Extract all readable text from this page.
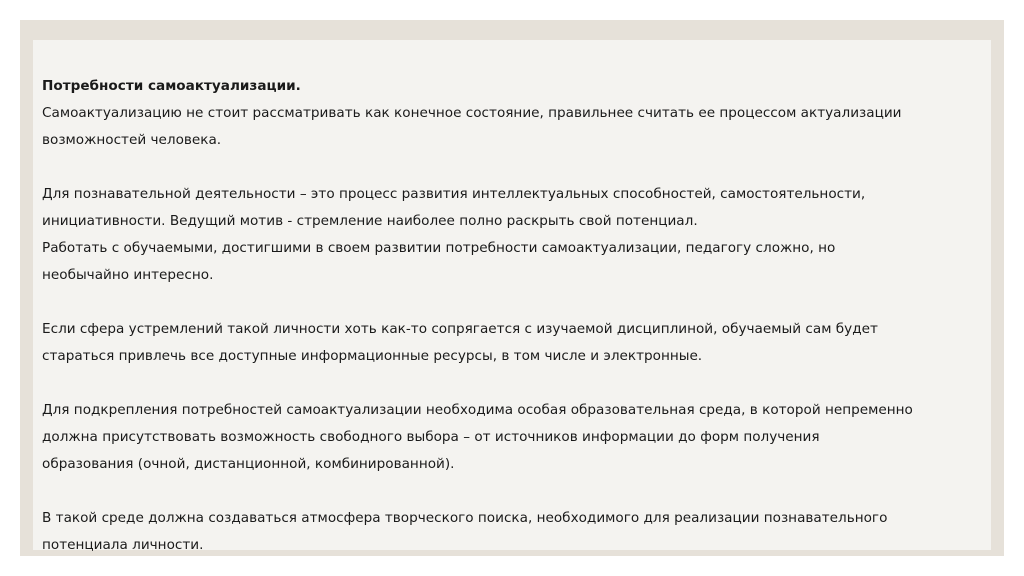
Потребности самоактуализации.
Самоактуализацию не стоит рассматривать как конечное состояние, правильнее считать ее процессом актуализации
возможностей человека.
Для познавательной деятельности – это процесс развития интеллектуальных способностей, самостоятельности,
инициативности. Ведущий мотив - стремление наиболее полно раскрыть свой потенциал.
Работать с обучаемыми, достигшими в своем развитии потребности самоактуализации, педагогу сложно, но
необычайно интересно.
Если сфера устремлений такой личности хоть как-то сопрягается с изучаемой дисциплиной, обучаемый сам будет
стараться привлечь все доступные информационные ресурсы, в том числе и электронные.
Для подкрепления потребностей самоактуализации необходима особая образовательная среда, в которой непременно
должна присутствовать возможность свободного выбора – от источников информации до форм получения
образования (очной, дистанционной, комбинированной).
В такой среде должна создаваться атмосфера творческого поиска, необходимого для реализации познавательного
потенциала личности.
